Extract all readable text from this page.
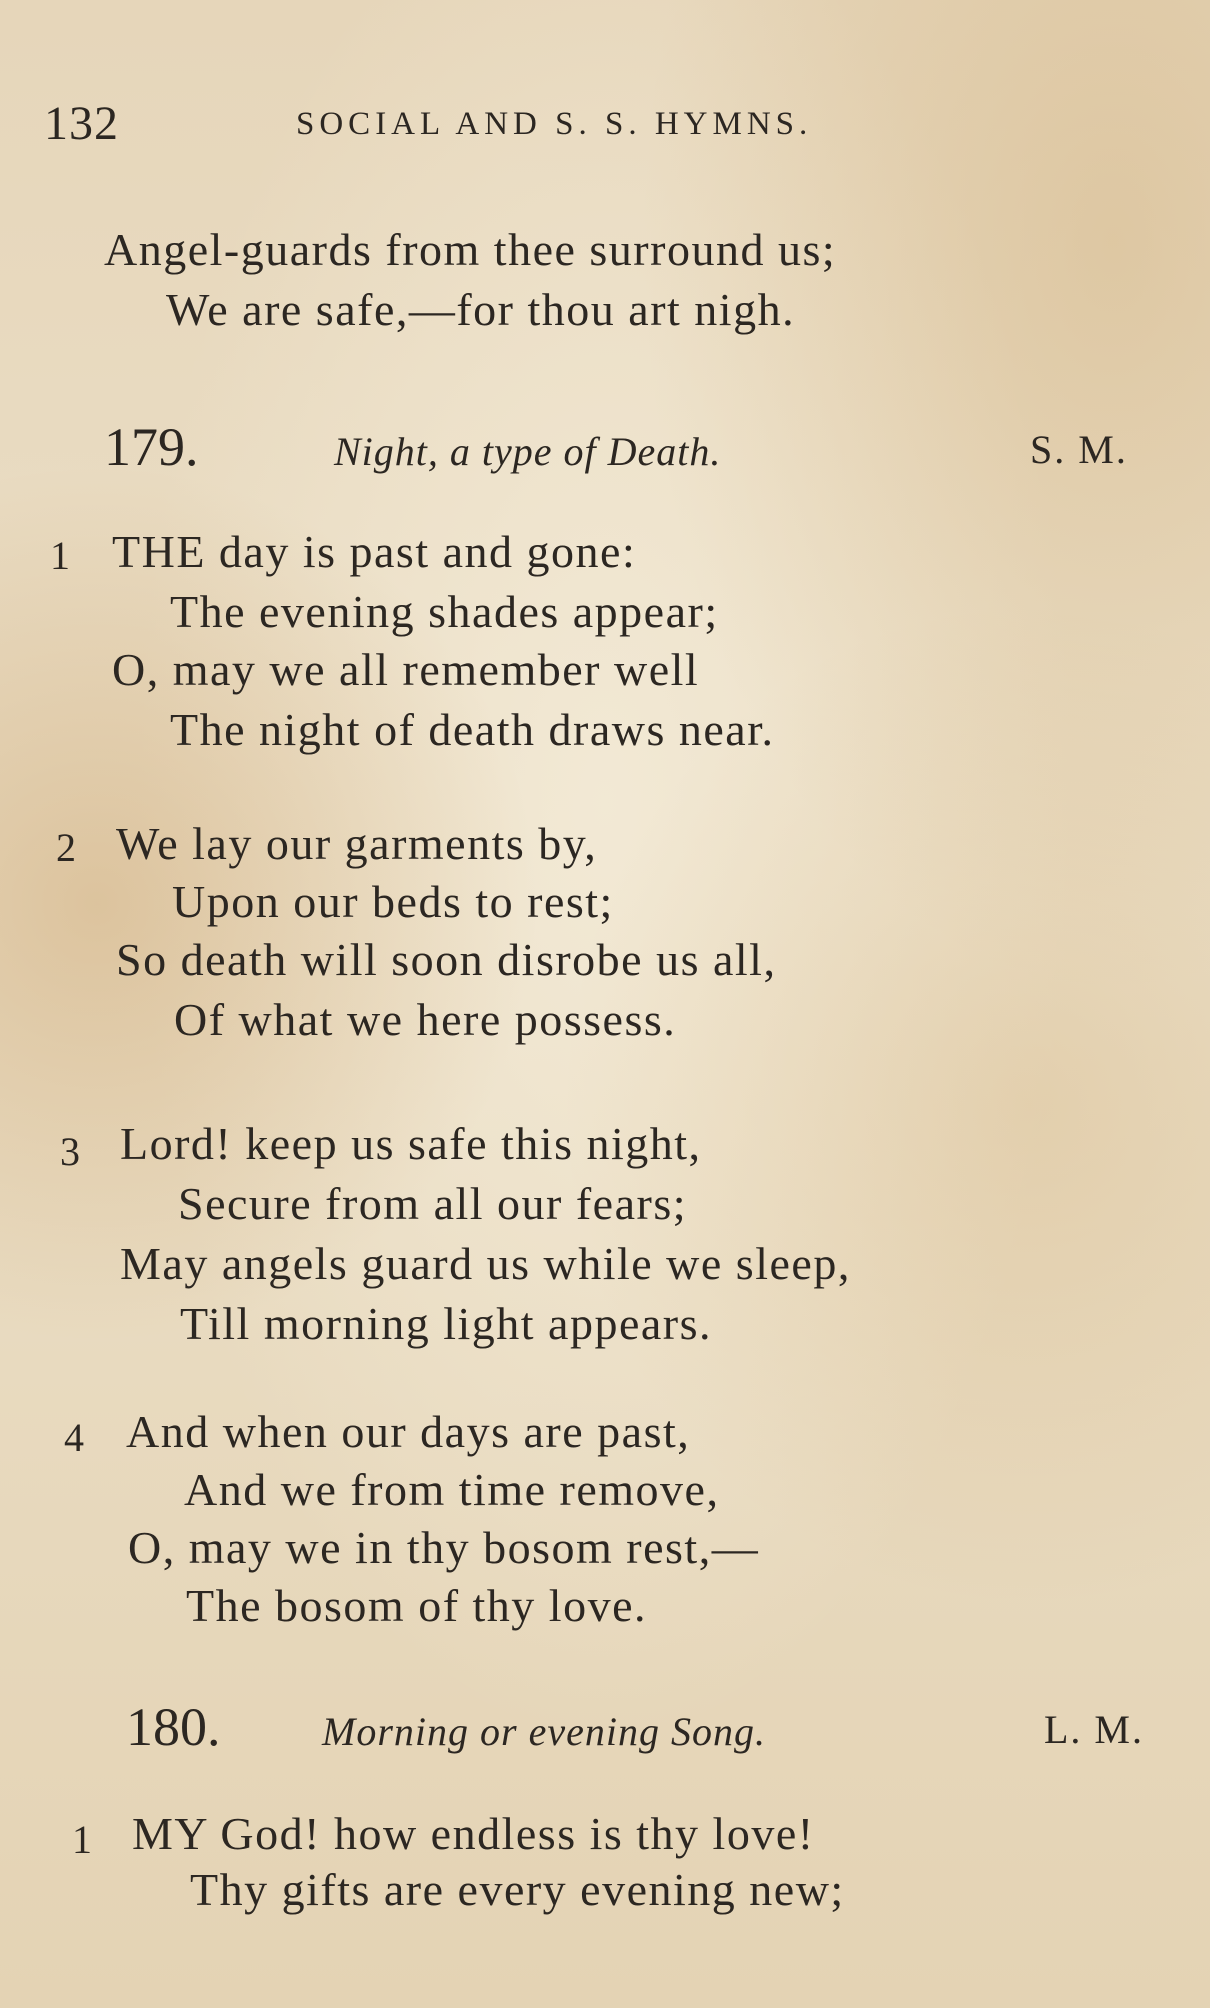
132	SOCIAL AND S. S. HYMNS.
Angel-guards from thee surround us;
We are safe,—for thou art nigh.
179.	Night, a type of Death.	S. M.
1 THE day is past and gone:
The evening shades appear;
O, may we all remember well
The night of death draws near.
2 We lay our garments by,
Upon our beds to rest;
So death will soon disrobe us all,
Of what we here possess.
3 Lord! keep us safe this night,
Secure from all our fears;
May angels guard us while we sleep,
Till morning light appears.
4 And when our days are past,
And we from time remove,
O, may we in thy bosom rest,—
The bosom of thy love.
180.	Morning or evening Song.	L. M.
1 MY God! how endless is thy love!
Thy gifts are every evening new;
